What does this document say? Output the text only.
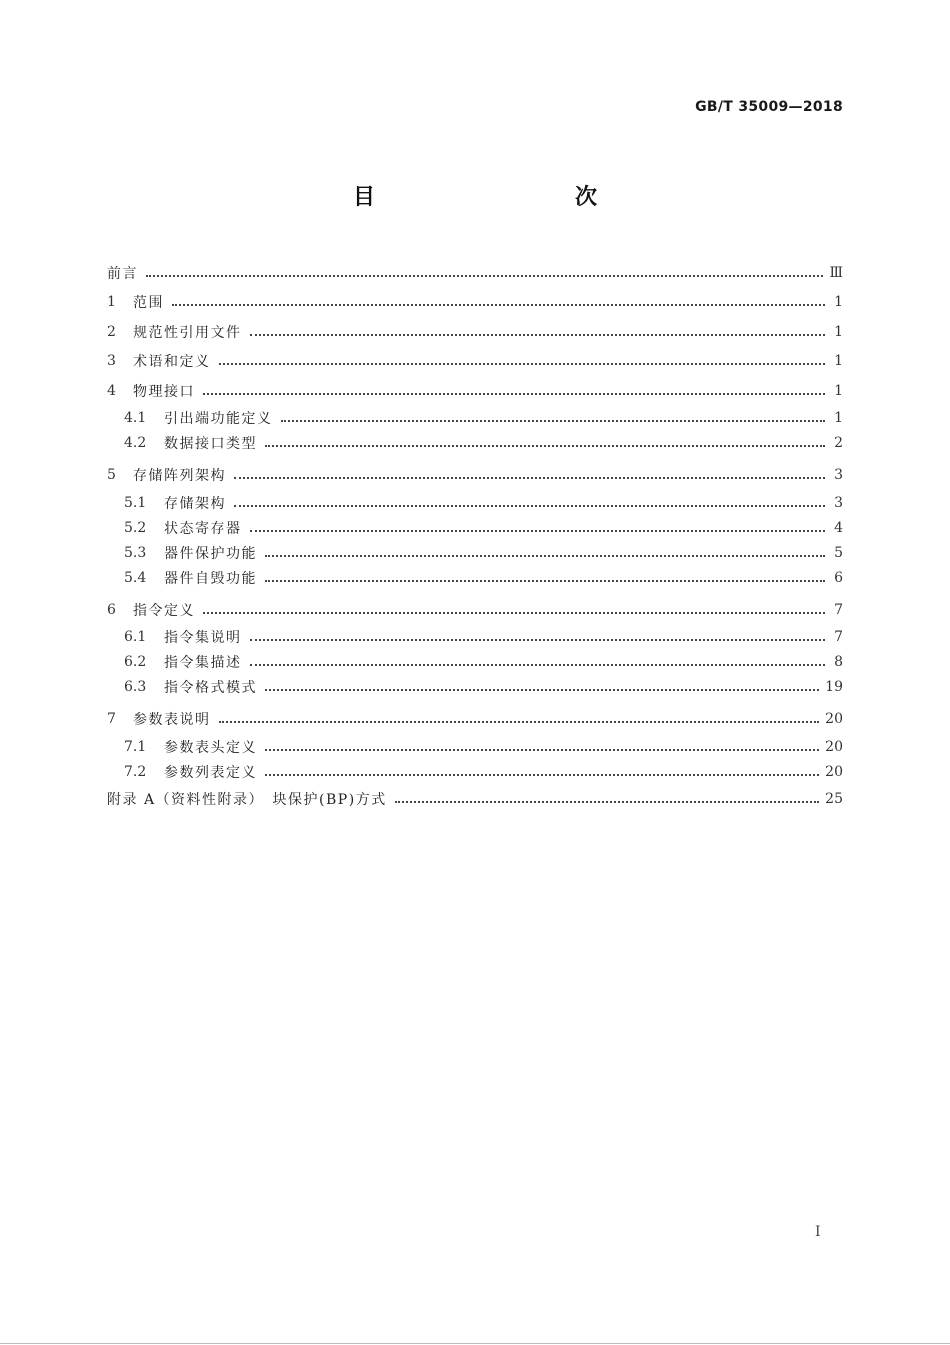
GB/T 35009—2018
目　　次
前言	Ⅲ
1	范围	1
2	规范性引用文件	1
3	术语和定义	1
4	物理接口	1
4.1	引出端功能定义	1
4.2	数据接口类型	2
5	存储阵列架构	3
5.1	存储架构	3
5.2	状态寄存器	4
5.3	器件保护功能	5
5.4	器件自毁功能	6
6	指令定义	7
6.1	指令集说明	7
6.2	指令集描述	8
6.3	指令格式模式	19
7	参数表说明	20
7.1	参数表头定义	20
7.2	参数列表定义	20
附录 A（资料性附录）　块保护(BP)方式	25
I
